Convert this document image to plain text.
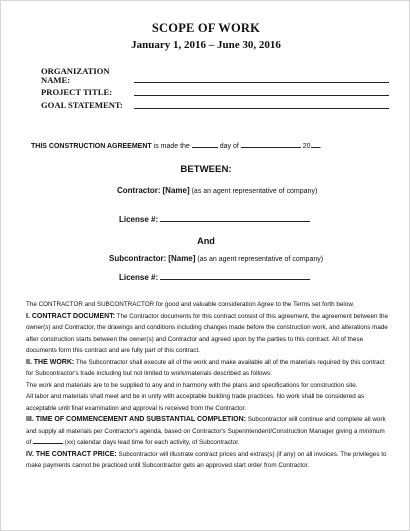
SCOPE OF WORK
January 1, 2016 – June 30, 2016
ORGANIZATION
NAME:
PROJECT TITLE:
GOAL STATEMENT:
THIS CONSTRUCTION AGREEMENT is made the	day of	20 .
BETWEEN:
Contractor: [Name] (as an agent representative of company)
License #:
And
Subcontractor: [Name] (as an agent representative of company)
License #:

The CONTRACTOR and SUBCONTRACTOR for good and valuable consideration Agree to the Terms set forth below.

I. CONTRACT DOCUMENT: The Contractor documents for this contract consist of this agreement, the agreement between the owner(s) and Contractor, the drawings and conditions including changes made before the construction work, and alterations made after construction starts between the owner(s) and Contractor and agreed upon by the parties to this contract. All of these documents form this contract and are fully part of this contract.

II. THE WORK: The Subcontractor shall execute all of the work and make available all of the materials required by this contract for Subcontractor's trade including but not limited to work/materials described as follows:

The work and materials are to be supplied to any and in harmony with the plans and specifications for construction site.

All labor and materials shall meet and be in unity with acceptable building trade practices. No work shall be considered as acceptable until final examination and approval is received from the Contractor.

III. TIME OF COMMENCEMENT AND SUBSTANTIAL COMPLETION: Subcontractor will continue and complete all work and supply all materials per Contractor's agenda, based on Contractor's Superintendent/Construction Manager giving a minimum of	(xx) calendar days lead time for each activity, of Subcontractor.

IV. THE CONTRACT PRICE: Subcontractor will illustrate contract prices and extras(s) (if any) on all invoices. The privileges to make payments cannot be practiced until Subcontractor gets an approved start order from Contractor.
